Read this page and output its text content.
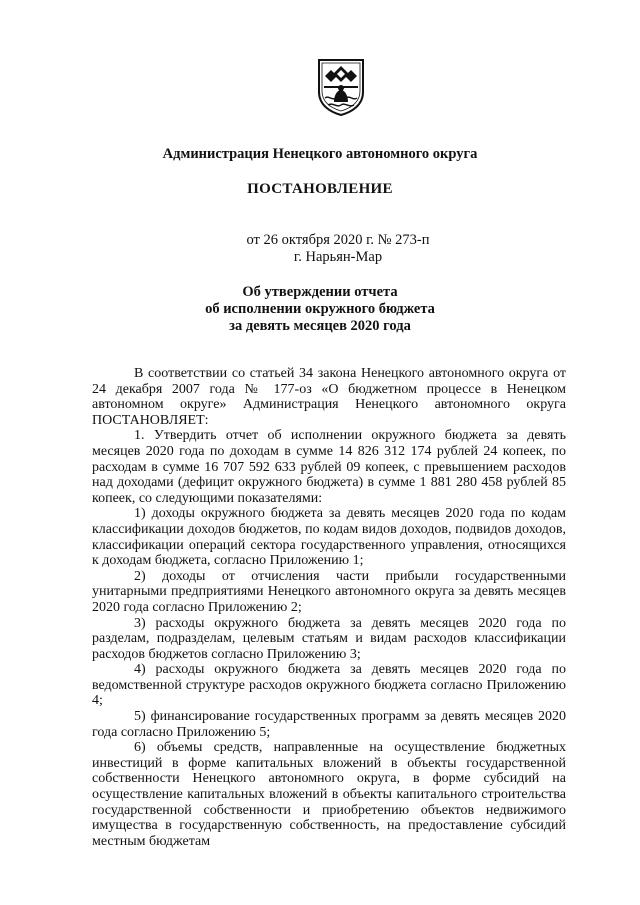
Администрация Ненецкого автономного округа
ПОСТАНОВЛЕНИЕ
от 26 октября 2020 г. № 273-п
г. Нарьян-Мар
Об утверждении отчета
об исполнении окружного бюджета
за девять месяцев 2020 года

В соответствии со статьей 34 закона Ненецкого автономного округа от 24 декабря 2007 года № 177-оз «О бюджетном процессе в Ненецком автономном округе» Администрация Ненецкого автономного округа ПОСТАНОВЛЯЕТ:

1. Утвердить отчет об исполнении окружного бюджета за девять месяцев 2020 года по доходам в сумме 14 826 312 174 рублей 24 копеек, по расходам в сумме 16 707 592 633 рублей 09 копеек, с превышением расходов над доходами (дефицит окружного бюджета) в сумме 1 881 280 458 рублей 85 копеек, со следующими показателями:

1) доходы окружного бюджета за девять месяцев 2020 года по кодам классификации доходов бюджетов, по кодам видов доходов, подвидов доходов, классификации операций сектора государственного управления, относящихся к доходам бюджета, согласно Приложению 1;

2) доходы от отчисления части прибыли государственными унитарными предприятиями Ненецкого автономного округа за девять месяцев 2020 года согласно Приложению 2;

3) расходы окружного бюджета за девять месяцев 2020 года по разделам, подразделам, целевым статьям и видам расходов классификации расходов бюджетов согласно Приложению 3;

4) расходы окружного бюджета за девять месяцев 2020 года по ведомственной структуре расходов окружного бюджета согласно Приложению 4;

5) финансирование государственных программ за девять месяцев 2020 года согласно Приложению 5;

6) объемы средств, направленные на осуществление бюджетных инвестиций в форме капитальных вложений в объекты государственной собственности Ненецкого автономного округа, в форме субсидий на осуществление капитальных вложений в объекты капитального строительства государственной собственности и приобретению объектов недвижимого имущества в государственную собственность, на предоставление субсидий местным бюджетам
